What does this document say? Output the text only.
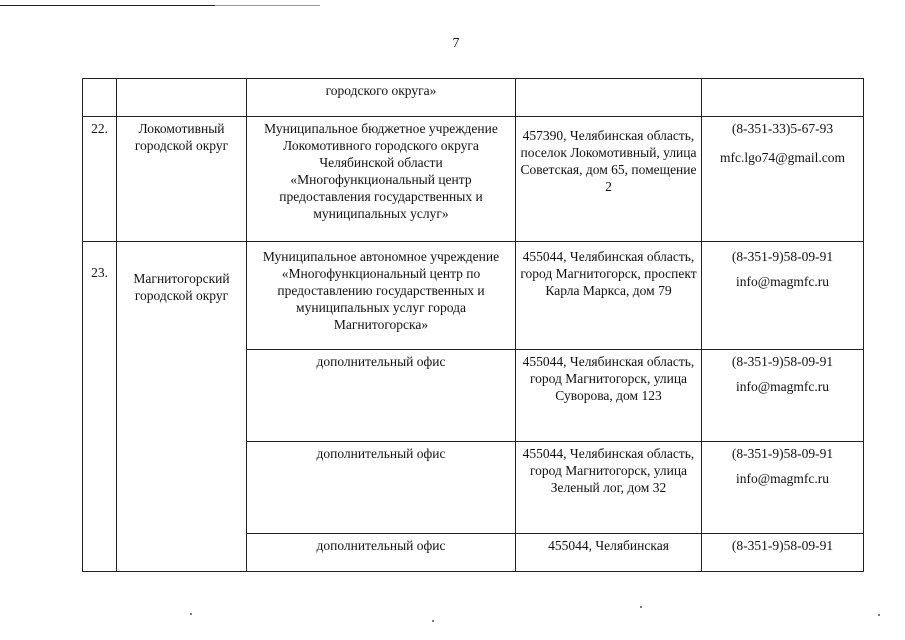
7
		городского округа»		
22.	Локомотивный городской округ	Муниципальное бюджетное учреждение Локомотивного городского округа Челябинской области «Многофункциональный центр предоставления государственных и муниципальных услуг»	457390, Челябинская область, поселок Локомотивный, улица Советская, дом 65, помещение 2	(8-351-33)5-67-93
mfc.lgo74@gmail.com

23.	Магнитогорский городской округ	Муниципальное автономное учреждение «Многофункциональный центр по предоставлению государственных и муниципальных услуг города Магнитогорска»	455044, Челябинская область, город Магнитогорск, проспект Карла Маркса, дом 79	(8-351-9)58-09-91
info@magmfc.ru

		дополнительный офис	455044, Челябинская область, город Магнитогорск, улица Суворова, дом 123	(8-351-9)58-09-91
info@magmfc.ru

		дополнительный офис	455044, Челябинская область, город Магнитогорск, улица Зеленый лог, дом 32	(8-351-9)58-09-91
info@magmfc.ru

		дополнительный офис	455044, Челябинская	(8-351-9)58-09-91
